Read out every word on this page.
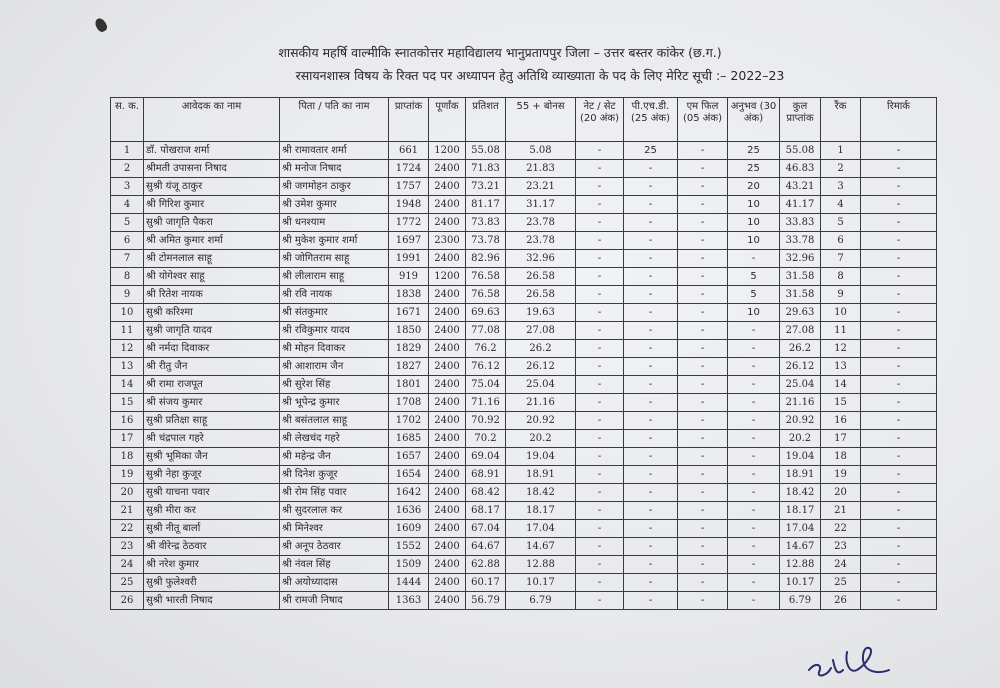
शासकीय महर्षि वाल्मीकि स्नातकोत्तर महाविद्यालय भानुप्रतापपुर जिला – उत्तर बस्तर कांकेर (छ.ग.)
रसायनशास्त्र विषय के रिक्त पद पर अध्यापन हेतु अतिथि व्याख्याता के पद के लिए मेरिट सूची :– 2022–23
स. क.	आवेदक का नाम	पिता / पति का नाम	प्राप्तांक	पूर्णांक	प्रतिशत	55 + बोनस	नेट / सेट (20 अंक)	पी.एच.डी. (25 अंक)	एम फिल (05 अंक)	अनुभव (30 अंक)	कुल प्राप्तांक	रैंक	रिमार्क
1	डॉ. पोखराज शर्मा	श्री रामावतार शर्मा	661	1200	55.08	5.08	-	25	-	25	55.08	1	-
2	श्रीमती उपासना निषाद	श्री मनोज निषाद	1724	2400	71.83	21.83	-	-	-	25	46.83	2	-
3	सुश्री यंजू ठाकुर	श्री जगमोहन ठाकुर	1757	2400	73.21	23.21	-	-	-	20	43.21	3	-
4	श्री गिरिश कुमार	श्री उमेश कुमार	1948	2400	81.17	31.17	-	-	-	10	41.17	4	-
5	सुश्री जागृति पैकरा	श्री धनश्याम	1772	2400	73.83	23.78	-	-	-	10	33.83	5	-
6	श्री अमित कुमार शर्मा	श्री मुकेश कुमार शर्मा	1697	2300	73.78	23.78	-	-	-	10	33.78	6	-
7	श्री टोमनलाल साहू	श्री जोगितराम साहू	1991	2400	82.96	32.96	-	-	-	-	32.96	7	-
8	श्री योगेश्वर साहू	श्री लीलाराम साहू	919	1200	76.58	26.58	-	-	-	5	31.58	8	-
9	श्री रितेश नायक	श्री रवि नायक	1838	2400	76.58	26.58	-	-	-	5	31.58	9	-
10	सुश्री करिश्मा	श्री संतकुमार	1671	2400	69.63	19.63	-	-	-	10	29.63	10	-
11	सुश्री जागृति यादव	श्री रविकुमार यादव	1850	2400	77.08	27.08	-	-	-	-	27.08	11	-
12	श्री नर्मदा दिवाकर	श्री मोहन दिवाकर	1829	2400	76.2	26.2	-	-	-	-	26.2	12	-
13	श्री रीतु जैन	श्री आशाराम जैन	1827	2400	76.12	26.12	-	-	-	-	26.12	13	-
14	श्री रामा राजपूत	श्री सुरेश सिंह	1801	2400	75.04	25.04	-	-	-	-	25.04	14	-
15	श्री संजय कुमार	श्री भूपेन्द्र कुमार	1708	2400	71.16	21.16	-	-	-	-	21.16	15	-
16	सुश्री प्रतिक्षा साहू	श्री बसंतलाल साहू	1702	2400	70.92	20.92	-	-	-	-	20.92	16	-
17	श्री चंद्रपाल गहरे	श्री लेखचंद गहरे	1685	2400	70.2	20.2	-	-	-	-	20.2	17	-
18	सुश्री भूमिका जैन	श्री महेन्द्र जैन	1657	2400	69.04	19.04	-	-	-	-	19.04	18	-
19	सुश्री नेहा कुजूर	श्री दिनेश कुजूर	1654	2400	68.91	18.91	-	-	-	-	18.91	19	-
20	सुश्री याचना पवार	श्री रोम सिंह पवार	1642	2400	68.42	18.42	-	-	-	-	18.42	20	-
21	सुश्री मीरा कर	श्री सुदरलाल कर	1636	2400	68.17	18.17	-	-	-	-	18.17	21	-
22	सुश्री नीतू बार्ला	श्री मिनेश्वर	1609	2400	67.04	17.04	-	-	-	-	17.04	22	-
23	श्री वीरेन्द्र ठेठवार	श्री अनूप ठेठवार	1552	2400	64.67	14.67	-	-	-	-	14.67	23	-
24	श्री नरेश कुमार	श्री नंवल सिंह	1509	2400	62.88	12.88	-	-	-	-	12.88	24	-
25	सुश्री फुलेश्वरी	श्री अयोध्यादास	1444	2400	60.17	10.17	-	-	-	-	10.17	25	-
26	सुश्री भारती निषाद	श्री रामजी निषाद	1363	2400	56.79	6.79	-	-	-	-	6.79	26	-
